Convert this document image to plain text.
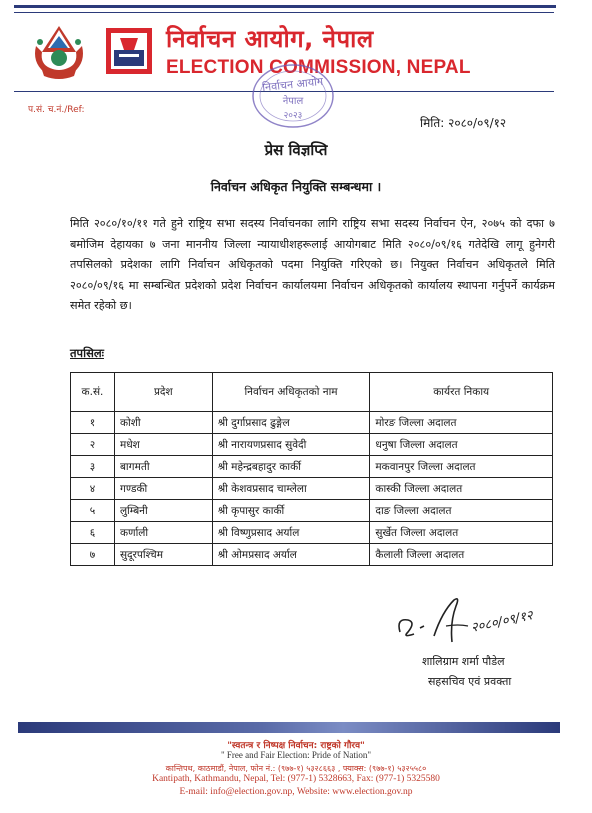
निर्वाचन आयोग, नेपाल
ELECTION COMMISSION, NEPAL
निर्वाचन आयोग
नेपाल
२०२३
प.सं. च.नं./Ref:
मिति: २०८०/०९/१२
प्रेस विज्ञप्ति
निर्वाचन अधिकृत नियुक्ति सम्बन्धमा ।
मिति २०८०/१०/११ गते हुने राष्ट्रिय सभा सदस्य निर्वाचनका लागि राष्ट्रिय सभा सदस्य निर्वाचन ऐन, २०७५ को दफा ७ बमोजिम देहायका ७ जना माननीय जिल्ला न्यायाधीशहरूलाई आयोगबाट मिति २०८०/०९/१६ गतेदेखि लागू हुनेगरी तपसिलको प्रदेशका लागि निर्वाचन अधिकृतको पदमा नियुक्ति गरिएको छ। नियुक्त निर्वाचन अधिकृतले मिति २०८०/०९/१६ मा सम्बन्धित प्रदेशको प्रदेश निर्वाचन कार्यालयमा निर्वाचन अधिकृतको कार्यालय स्थापना गर्नुपर्ने कार्यक्रम समेत रहेको छ।
तपसिलः
क.सं.	प्रदेश	निर्वाचन अधिकृतको नाम	कार्यरत निकाय
१	कोशी	श्री दुर्गाप्रसाद ढुङ्गेल	मोरङ जिल्ला अदालत
२	मधेश	श्री नारायणप्रसाद सुवेदी	धनुषा जिल्ला अदालत
३	बागमती	श्री महेन्द्रबहादुर कार्की	मकवानपुर जिल्ला अदालत
४	गण्डकी	श्री केशवप्रसाद चाम्लेला	कास्की जिल्ला अदालत
५	लुम्बिनी	श्री कृपासुर कार्की	दाङ जिल्ला अदालत
६	कर्णाली	श्री विष्णुप्रसाद अर्याल	सुर्खेत जिल्ला अदालत
७	सुदूरपश्चिम	श्री ओमप्रसाद अर्याल	कैलाली जिल्ला अदालत
२०८०/०९/१२
शालिग्राम शर्मा पौडेल
सहसचिव एवं प्रवक्ता
"स्वतन्त्र र निष्पक्ष निर्वाचन: राष्ट्रको गौरव"
" Free and Fair Election: Pride of Nation"
कान्तिपथ, काठमाडौं, नेपाल, फोन नं.: (९७७-१) ५३२८६६३ , फ्याक्स: (९७७-१) ५३२५५८०
Kantipath, Kathmandu, Nepal, Tel: (977-1) 5328663, Fax: (977-1) 5325580
E-mail: info@election.gov.np, Website: www.election.gov.np
